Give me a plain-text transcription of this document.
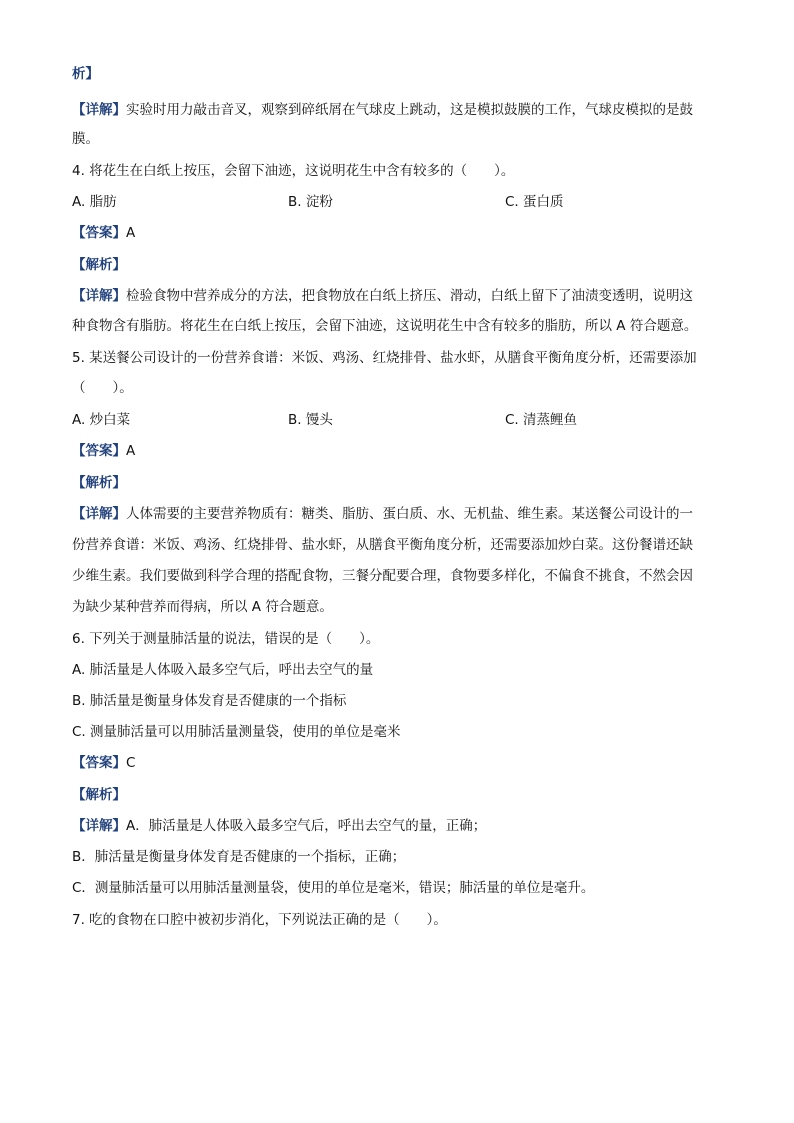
析】
【详解】实验时用力敲击音叉，观察到碎纸屑在气球皮上跳动，这是模拟鼓膜的工作，气球皮模拟的是鼓
膜。
4. 将花生在白纸上按压，会留下油迹，这说明花生中含有较多的（　　）。
A. 脂肪	B. 淀粉	C. 蛋白质
【答案】A
【解析】
【详解】检验食物中营养成分的方法，把食物放在白纸上挤压、滑动，白纸上留下了油渍变透明，说明这
种食物含有脂肪。将花生在白纸上按压，会留下油迹，这说明花生中含有较多的脂肪，所以 A 符合题意。
5. 某送餐公司设计的一份营养食谱：米饭、鸡汤、红烧排骨、盐水虾，从膳食平衡角度分析，还需要添加
（　　）。
A. 炒白菜	B. 馒头	C. 清蒸鲤鱼
【答案】A
【解析】
【详解】人体需要的主要营养物质有：糖类、脂肪、蛋白质、水、无机盐、维生素。某送餐公司设计的一
份营养食谱：米饭、鸡汤、红烧排骨、盐水虾，从膳食平衡角度分析，还需要添加炒白菜。这份餐谱还缺
少维生素。我们要做到科学合理的搭配食物，三餐分配要合理，食物要多样化，不偏食不挑食，不然会因
为缺少某种营养而得病，所以 A 符合题意。
6. 下列关于测量肺活量的说法，错误的是（　　）。
A. 肺活量是人体吸入最多空气后，呼出去空气的量
B. 肺活量是衡量身体发育是否健康的一个指标
C. 测量肺活量可以用肺活量测量袋，使用的单位是毫米
【答案】C
【解析】
【详解】A．肺活量是人体吸入最多空气后，呼出去空气的量，正确；
B．肺活量是衡量身体发育是否健康的一个指标，正确；
C．测量肺活量可以用肺活量测量袋，使用的单位是毫米，错误；肺活量的单位是毫升。
7. 吃的食物在口腔中被初步消化，下列说法正确的是（　　）。
